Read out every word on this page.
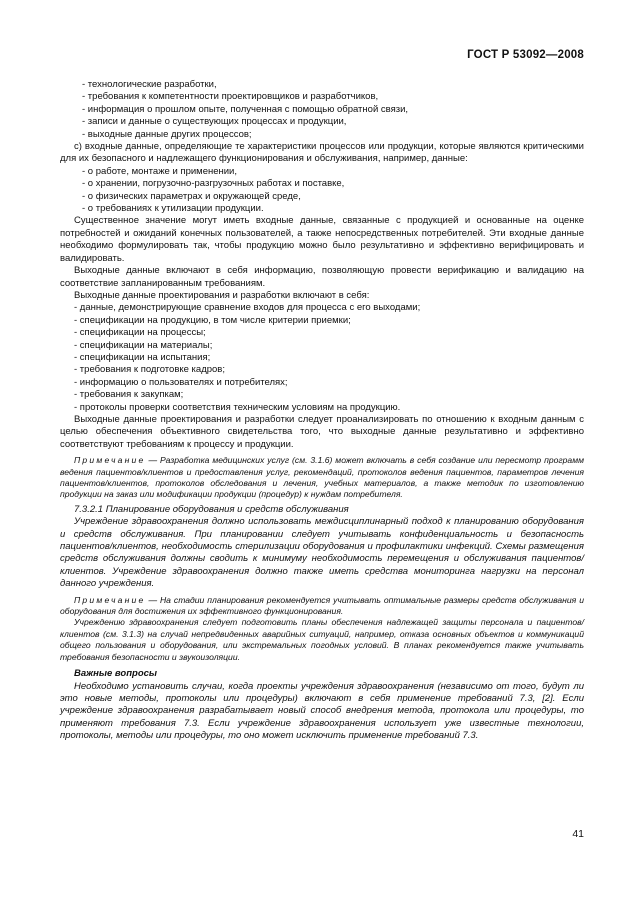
ГОСТ Р 53092—2008

- технологические разработки,

- требования к компетентности проектировщиков и разработчиков,

- информация о прошлом опыте, полученная с помощью обратной связи,

- записи и данные о существующих процессах и продукции,

- выходные данные других процессов;

с) входные данные, определяющие те характеристики процессов или продукции, которые являются критическими для их безопасного и надлежащего функционирования и обслуживания, например, данные:

- о работе, монтаже и применении,

- о хранении, погрузочно-разгрузочных работах и поставке,

- о физических параметрах и окружающей среде,

- о требованиях к утилизации продукции.

Существенное значение могут иметь входные данные, связанные с продукцией и основанные на оценке потребностей и ожиданий конечных пользователей, а также непосредственных потребителей. Эти входные данные необходимо формулировать так, чтобы продукцию можно было результативно и эффективно верифицировать и валидировать.

Выходные данные включают в себя информацию, позволяющую провести верификацию и валидацию на соответствие запланированным требованиям.

Выходные данные проектирования и разработки включают в себя:

- данные, демонстрирующие сравнение входов для процесса с его выходами;

- спецификации на продукцию, в том числе критерии приемки;

- спецификации на процессы;

- спецификации на материалы;

- спецификации на испытания;

- требования к подготовке кадров;

- информацию о пользователях и потребителях;

- требования к закупкам;

- протоколы проверки соответствия техническим условиям на продукцию.

Выходные данные проектирования и разработки следует проанализировать по отношению к входным данным с целью обеспечения объективного свидетельства того, что выходные данные результативно и эффективно соответствуют требованиям к процессу и продукции.

Примечание — Разработка медицинских услуг (см. 3.1.6) может включать в себя создание или пересмотр программ ведения пациентов/клиентов и предоставления услуг, рекомендаций, протоколов ведения пациентов, параметров лечения пациентов/клиентов, протоколов обследования и лечения, учебных материалов, а также методик по изготовлению продукции на заказ или модификации продукции (процедур) к нуждам потребителя.

7.3.2.1 Планирование оборудования и средств обслуживания

Учреждение здравоохранения должно использовать междисциплинарный подход к планированию оборудования и средств обслуживания. При планировании следует учитывать конфиденциальность и безопасность пациентов/клиентов, необходимость стерилизации оборудования и профилактики инфекций. Схемы размещения средств обслуживания должны сводить к минимуму необходимость перемещения и обслуживания пациентов/клиентов. Учреждение здравоохранения должно также иметь средства мониторинга нагрузки на персонал данного учреждения.

Примечание — На стадии планирования рекомендуется учитывать оптимальные размеры средств обслуживания и оборудования для достижения их эффективного функционирования.

Учреждению здравоохранения следует подготовить планы обеспечения надлежащей защиты персонала и пациентов/клиентов (см. 3.1.3) на случай непредвиденных аварийных ситуаций, например, отказа основных объектов и коммуникаций общего пользования и оборудования, или экстремальных погодных условий. В планах рекомендуется также учитывать требования безопасности и звукоизоляции.

Важные вопросы

Необходимо установить случаи, когда проекты учреждения здравоохранения (независимо от того, будут ли это новые методы, протоколы или процедуры) включают в себя применение требований 7.3, [2]. Если учреждение здравоохранения разрабатывает новый способ внедрения метода, протокола или процедуры, то применяют требования 7.3. Если учреждение здравоохранения использует уже известные технологии, протоколы, методы или процедуры, то оно может исключить применение требований 7.3.

41
